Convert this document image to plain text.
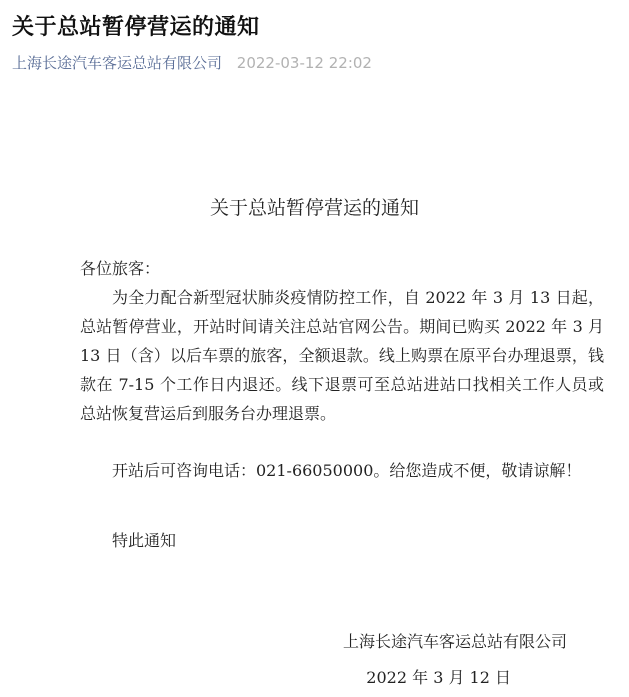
关于总站暂停营运的通知
上海长途汽车客运总站有限公司 2022-03-12 22:02
关于总站暂停营运的通知
各位旅客：

为全力配合新型冠状肺炎疫情防控工作，自 2022 年 3 月 13 日起，总站暂停营业，开站时间请关注总站官网公告。期间已购买 2022 年 3 月 13 日（含）以后车票的旅客，全额退款。线上购票在原平台办理退票，钱款在 7-15 个工作日内退还。线下退票可至总站进站口找相关工作人员或总站恢复营运后到服务台办理退票。

开站后可咨询电话：021-66050000。给您造成不便，敬请谅解！

特此通知
上海长途汽车客运总站有限公司
2022 年 3 月 12 日
